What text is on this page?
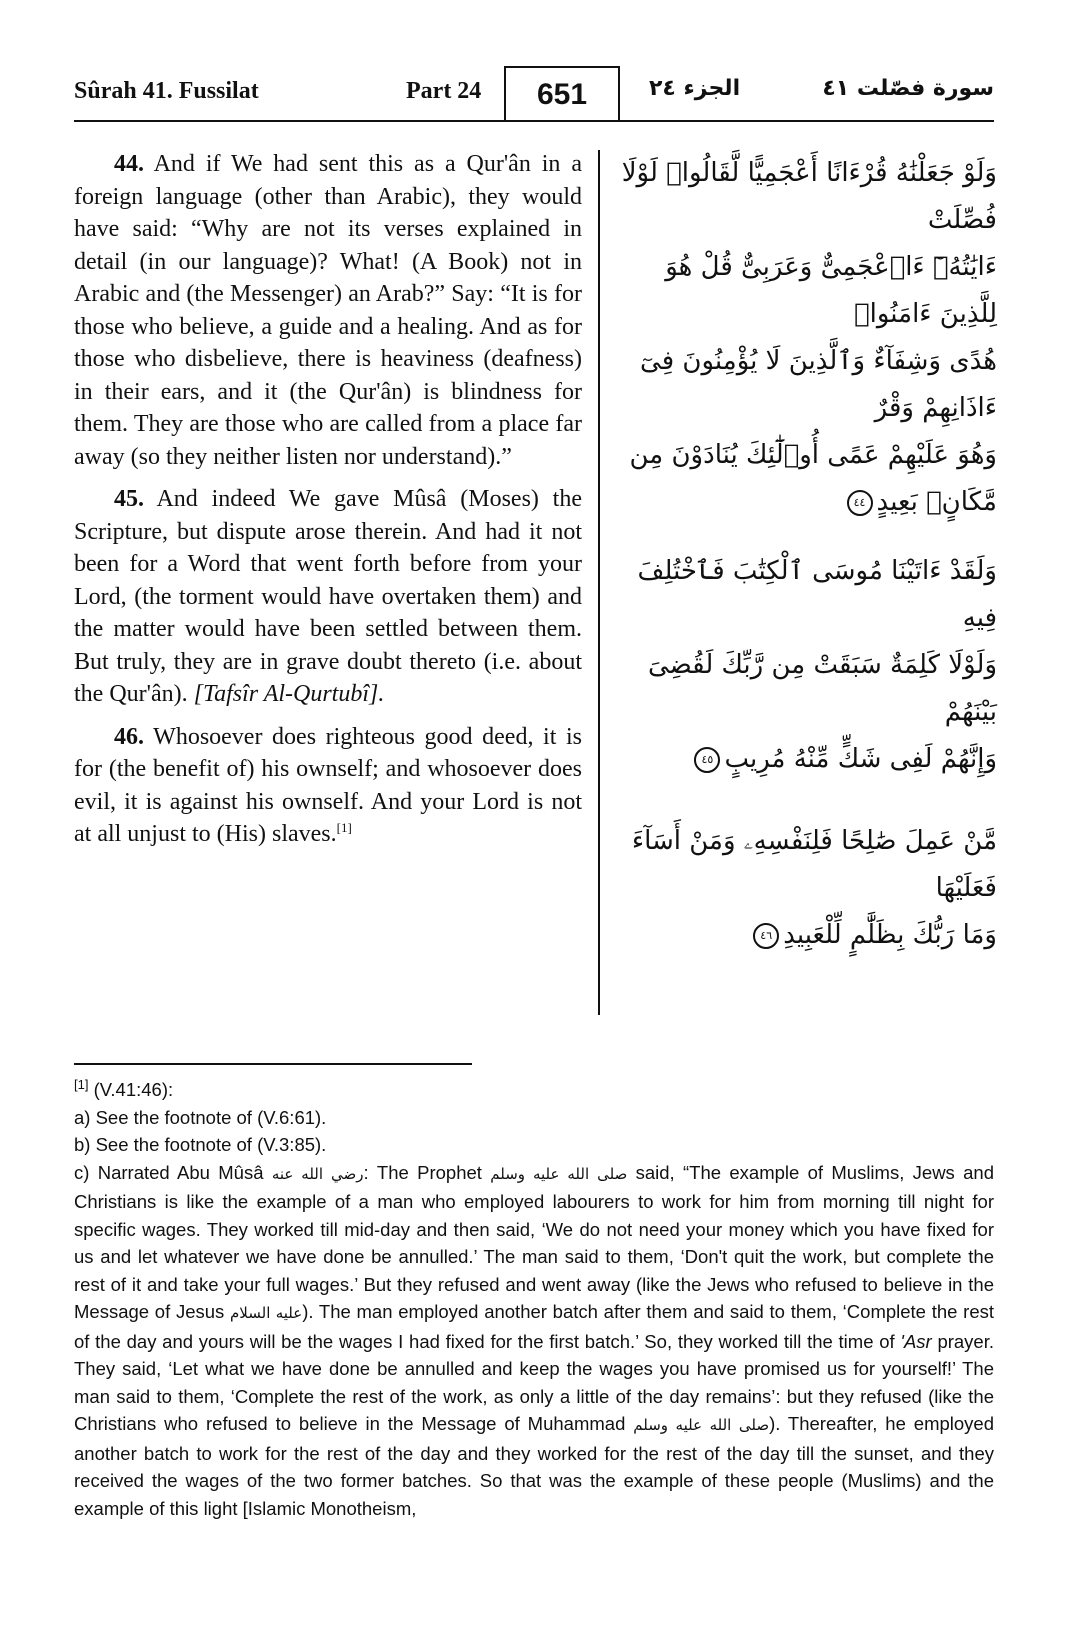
Sûrah 41. Fussilat	Part 24 651	الجزء ٢٤	سورة فصّلت ٤١

44. And if We had sent this as a Qur'ân in a foreign language (other than Arabic), they would have said: “Why are not its verses explained in detail (in our language)? What! (A Book) not in Arabic and (the Messenger) an Arab?” Say: “It is for those who believe, a guide and a healing. And as for those who disbelieve, there is heaviness (deafness) in their ears, and it (the Qur'ân) is blindness for them. They are those who are called from a place far away (so they neither listen nor understand).”

45. And indeed We gave Mûsâ (Moses) the Scripture, but dispute arose therein. And had it not been for a Word that went forth before from your Lord, (the torment would have overtaken them) and the matter would have been settled between them. But truly, they are in grave doubt thereto (i.e. about the Qur'ân). [Tafsîr Al-Qurtubî].

46. Whosoever does righteous good deed, it is for (the benefit of) his ownself; and whosoever does evil, it is against his ownself. And your Lord is not at all unjust to (His) slaves.[1]

وَلَوْ جَعَلْنَٰهُ قُرْءَانًا أَعْجَمِيًّا لَّقَالُوا۟ لَوْلَا فُصِّلَتْ
ءَايَٰتُهُۥٓ ءَا۬عْجَمِىٌّ وَعَرَبِىٌّ قُلْ هُوَ لِلَّذِينَ ءَامَنُوا۟
هُدًى وَشِفَآءٌ وَٱلَّذِينَ لَا يُؤْمِنُونَ فِىٓ ءَاذَانِهِمْ وَقْرٌ
وَهُوَ عَلَيْهِمْ عَمًى أُو۟لَٰٓئِكَ يُنَادَوْنَ مِن
مَّكَانٍۭ بَعِيدٍ٤٤
وَلَقَدْ ءَاتَيْنَا مُوسَى ٱلْكِتَٰبَ فَٱخْتُلِفَ فِيهِ
وَلَوْلَا كَلِمَةٌ سَبَقَتْ مِن رَّبِّكَ لَقُضِىَ بَيْنَهُمْ
وَإِنَّهُمْ لَفِى شَكٍّ مِّنْهُ مُرِيبٍ٤٥
مَّنْ عَمِلَ صَٰلِحًا فَلِنَفْسِهِۦ وَمَنْ أَسَآءَ فَعَلَيْهَا
وَمَا رَبُّكَ بِظَلَّٰمٍ لِّلْعَبِيدِ٤٦

[1] (V.41:46):

a) See the footnote of (V.6:61).

b) See the footnote of (V.3:85).

c) Narrated Abu Mûsâ رضي الله عنه: The Prophet صلى الله عليه وسلم said, “The example of Muslims, Jews and Christians is like the example of a man who employed labourers to work for him from morning till night for specific wages. They worked till mid-day and then said, ‘We do not need your money which you have fixed for us and let whatever we have done be annulled.’ The man said to them, ‘Don't quit the work, but complete the rest of it and take your full wages.’ But they refused and went away (like the Jews who refused to believe in the Message of Jesus عليه السلام). The man employed another batch after them and said to them, ‘Complete the rest of the day and yours will be the wages I had fixed for the first batch.’ So, they worked till the time of 'Asr prayer. They said, ‘Let what we have done be annulled and keep the wages you have promised us for yourself!’ The man said to them, ‘Complete the rest of the work, as only a little of the day remains’: but they refused (like the Christians who refused to believe in the Message of Muhammad صلى الله عليه وسلم). Thereafter, he employed another batch to work for the rest of the day and they worked for the rest of the day till the sunset, and they received the wages of the two former batches. So that was the example of these people (Muslims) and the example of this light [Islamic Monotheism,
